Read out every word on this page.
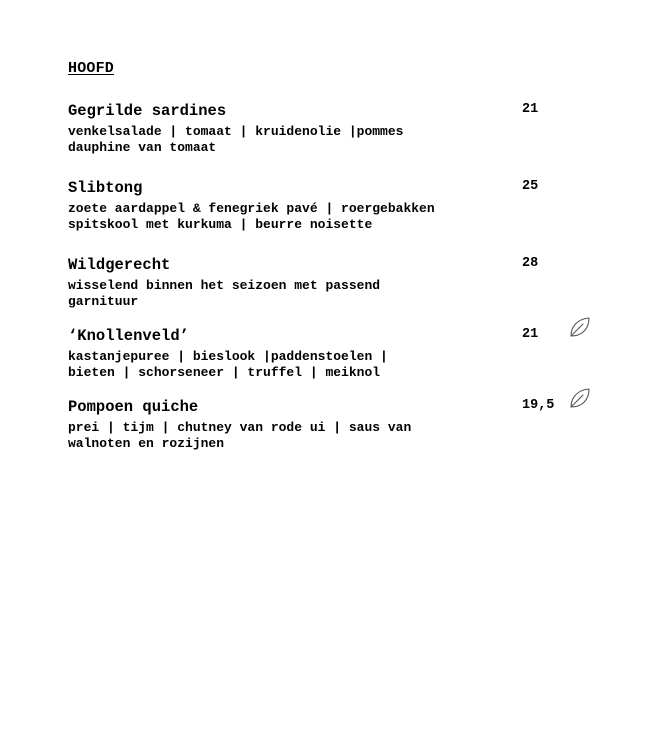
HOOFD
Gegrilde sardines	21
venkelsalade | tomaat | kruidenolie |pommes
dauphine van tomaat
Slibtong	25
zoete aardappel & fenegriek pavé | roergebakken
spitskool met kurkuma | beurre noisette
Wildgerecht	28
wisselend binnen het seizoen met passend
garnituur
‘Knollenveld’	21
kastanjepuree | bieslook |paddenstoelen |
bieten | schorseneer | truffel | meiknol
Pompoen quiche	19,5
prei | tijm | chutney van rode ui | saus van
walnoten en rozijnen
